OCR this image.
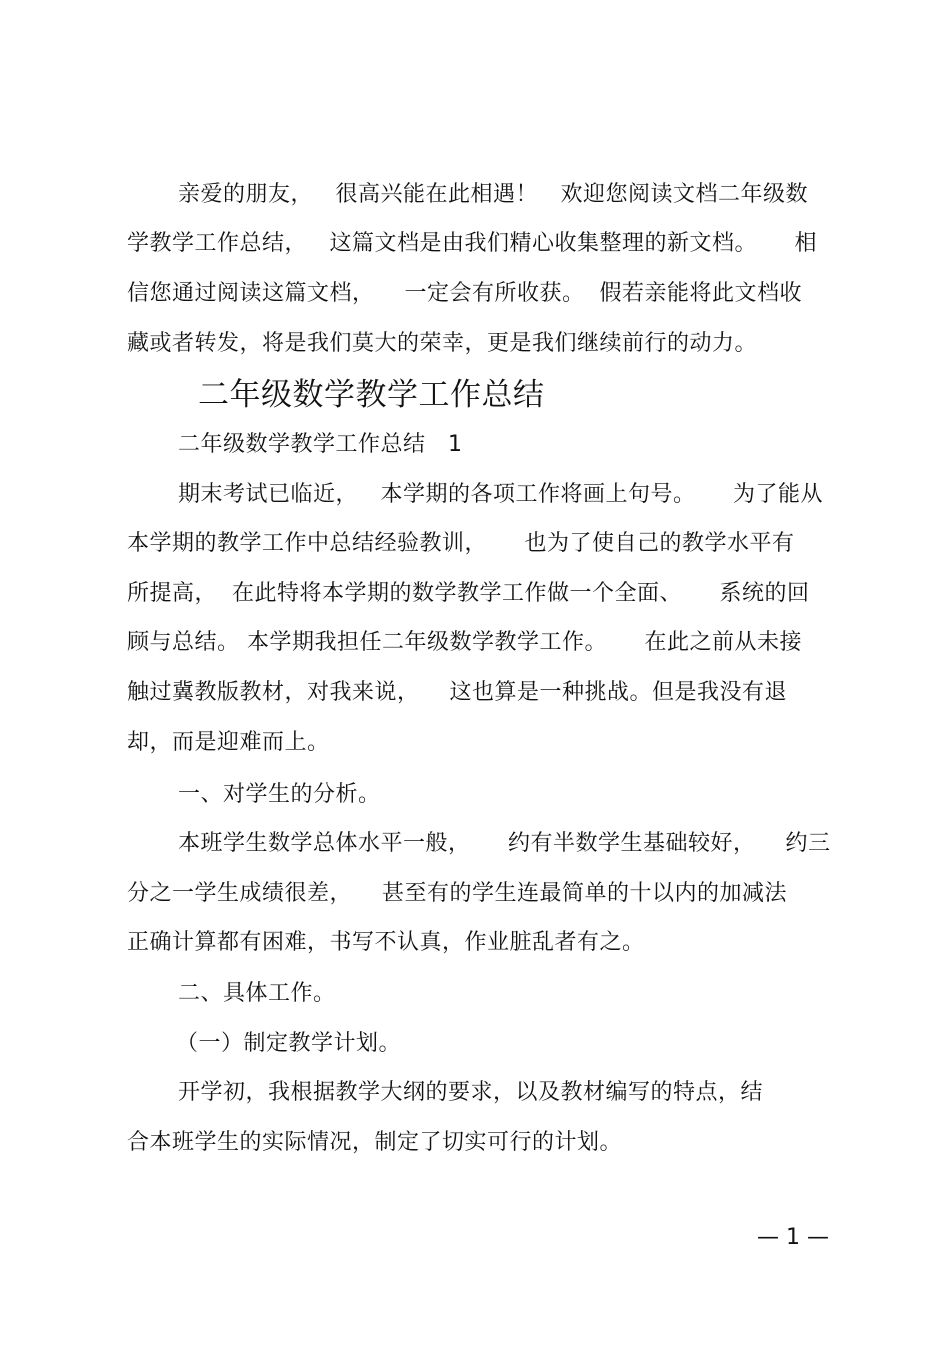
亲爱的朋友，   很高兴能在此相遇！   欢迎您阅读文档二年级数
学教学工作总结，   这篇文档是由我们精心收集整理的新文档。     相
信您通过阅读这篇文档，    一定会有所收获。  假若亲能将此文档收
藏或者转发，将是我们莫大的荣幸，更是我们继续前行的动力。
二年级数学教学工作总结
二年级数学教学工作总结   1
期末考试已临近，   本学期的各项工作将画上句号。     为了能从
本学期的教学工作中总结经验教训，     也为了使自己的教学水平有
所提高，  在此特将本学期的数学教学工作做一个全面、     系统的回
顾与总结。 本学期我担任二年级数学教学工作。     在此之前从未接
触过冀教版教材，对我来说，    这也算是一种挑战。但是我没有退
却，而是迎难而上。
一、对学生的分析。
本班学生数学总体水平一般，     约有半数学生基础较好，    约三
分之一学生成绩很差，    甚至有的学生连最简单的十以内的加减法
正确计算都有困难，书写不认真，作业脏乱者有之。
二、具体工作。
（一）制定教学计划。
开学初，我根据教学大纲的要求，以及教材编写的特点，结
合本班学生的实际情况，制定了切实可行的计划。
— 1 —
